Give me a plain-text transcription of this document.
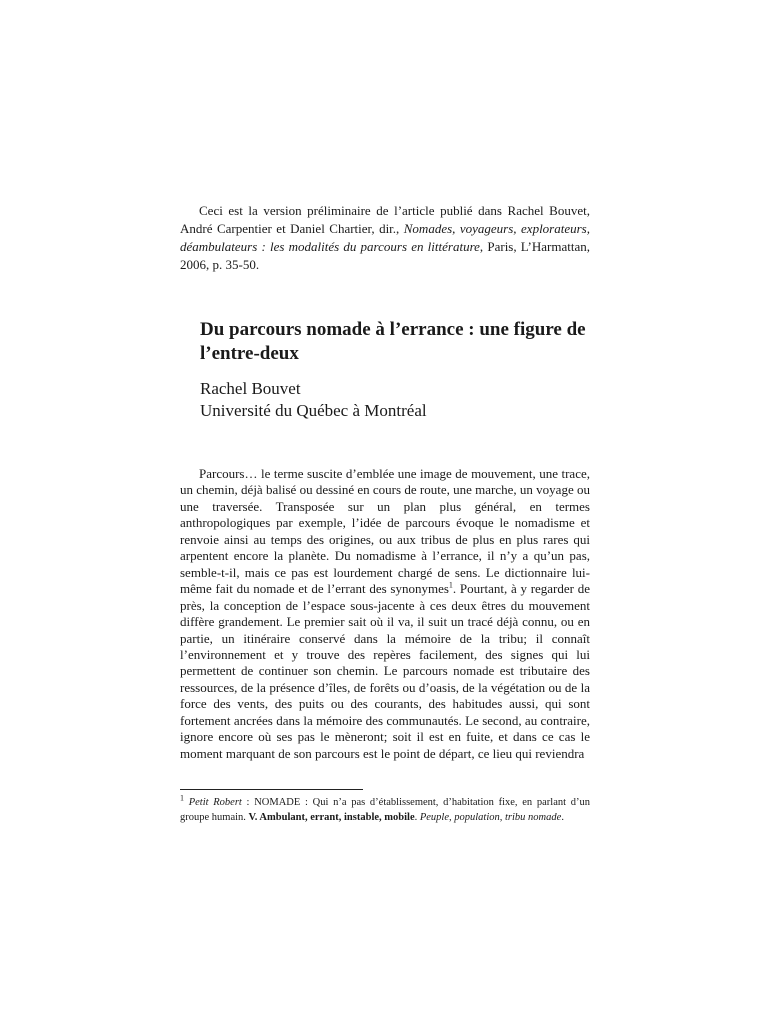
Ceci est la version préliminaire de l’article publié dans Rachel Bouvet, André Carpentier et Daniel Chartier, dir., Nomades, voyageurs, explorateurs, déambulateurs : les modalités du parcours en littérature, Paris, L’Harmattan, 2006, p. 35-50.

Du parcours nomade à l’errance : une figure de l’entre-deux
Rachel Bouvet
Université du Québec à Montréal

Parcours… le terme suscite d’emblée une image de mouvement, une trace, un chemin, déjà balisé ou dessiné en cours de route, une marche, un voyage ou une traversée. Transposée sur un plan plus général, en termes anthropologiques par exemple, l’idée de parcours évoque le nomadisme et renvoie ainsi au temps des origines, ou aux tribus de plus en plus rares qui arpentent encore la planète. Du nomadisme à l’errance, il n’y a qu’un pas, semble-t-il, mais ce pas est lourdement chargé de sens. Le dictionnaire lui-même fait du nomade et de l’errant des synonymes$^1$. Pourtant, à y regarder de près, la conception de l’espace sous-jacente à ces deux êtres du mouvement diffère grandement. Le premier sait où il va, il suit un tracé déjà connu, ou en partie, un itinéraire conservé dans la mémoire de la tribu; il connaît l’environnement et y trouve des repères facilement, des signes qui lui permettent de continuer son chemin. Le parcours nomade est tributaire des ressources, de la présence d’îles, de forêts ou d’oasis, de la végétation ou de la force des vents, des puits ou des courants, des habitudes aussi, qui sont fortement ancrées dans la mémoire des communautés. Le second, au contraire, ignore encore où ses pas le mèneront; soit il est en fuite, et dans ce cas le moment marquant de son parcours est le point de départ, ce lieu qui reviendra

$^1$ Petit Robert : NOMADE : Qui n’a pas d’établissement, d’habitation fixe, en parlant d’un groupe humain. V. Ambulant, errant, instable, mobile. Peuple, population, tribu nomade.
